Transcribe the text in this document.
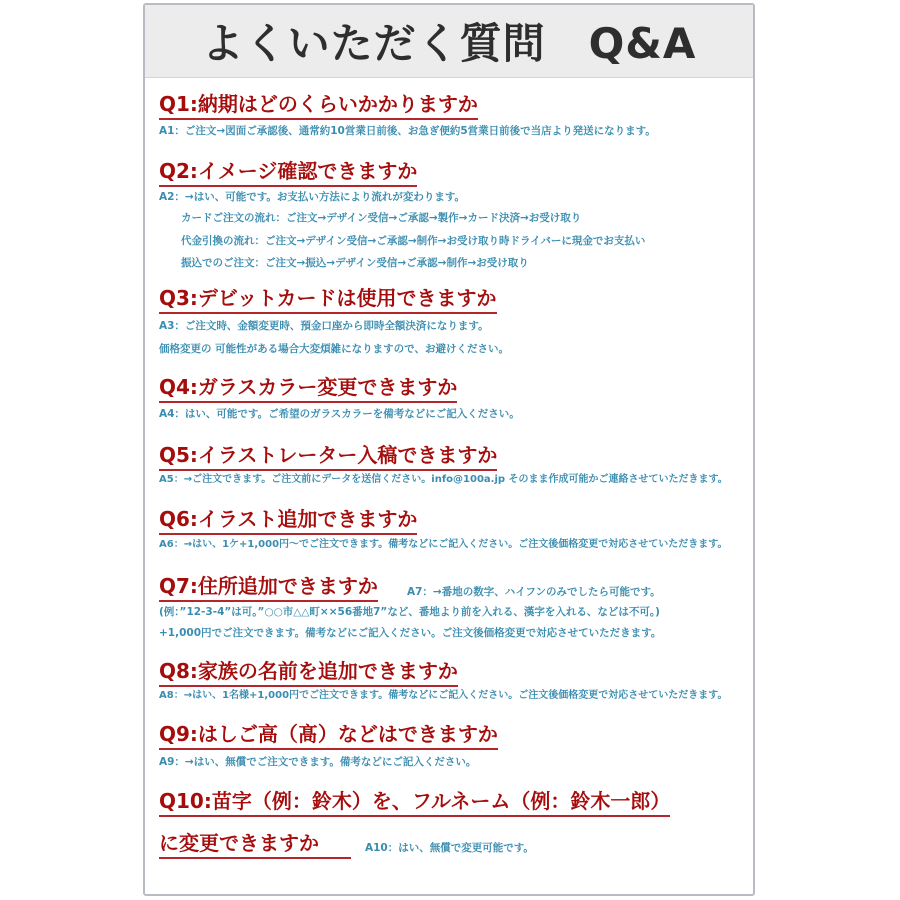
よくいただく質問　Q&A
Q1:納期はどのくらいかかりますか
A1：ご注文→図面ご承認後、通常約10営業日前後、お急ぎ便約5営業日前後で当店より発送になります。
Q2:イメージ確認できますか
A2：→はい、可能です。お支払い方法により流れが変わります。
カードご注文の流れ：ご注文→デザイン受信→ご承認→製作→カード決済→お受け取り
代金引換の流れ：ご注文→デザイン受信→ご承認→制作→お受け取り時ドライバーに現金でお支払い
振込でのご注文：ご注文→振込→デザイン受信→ご承認→制作→お受け取り
Q3:デビットカードは使用できますか
A3：ご注文時、金額変更時、預金口座から即時全額決済になります。
価格変更の 可能性がある場合大変煩雑になりますので、お避けください。
Q4:ガラスカラー変更できますか
A4：はい、可能です。ご希望のガラスカラーを備考などにご記入ください。
Q5:イラストレーター入稿できますか
A5：→ご注文できます。ご注文前にデータを送信ください。info@100a.jp そのまま作成可能かご連絡させていただきます。
Q6:イラスト追加できますか
A6：→はい、1ケ+1,000円～でご注文できます。備考などにご記入ください。ご注文後価格変更で対応させていただきます。
Q7:住所追加できますか	A7：→番地の数字、ハイフンのみでしたら可能です。
(例：”12-3-4”は可。”○○市△△町××56番地7”など、番地より前を入れる、漢字を入れる、などは不可。)
+1,000円でご注文できます。備考などにご記入ください。ご注文後価格変更で対応させていただきます。
Q8:家族の名前を追加できますか
A8：→はい、1名様+1,000円でご注文できます。備考などにご記入ください。ご注文後価格変更で対応させていただきます。
Q9:はしご高（髙）などはできますか
A9：→はい、無償でご注文できます。備考などにご記入ください。
Q10:苗字（例：鈴木）を、フルネーム（例：鈴木一郎）
に変更できますか	A10：はい、無償で変更可能です。
